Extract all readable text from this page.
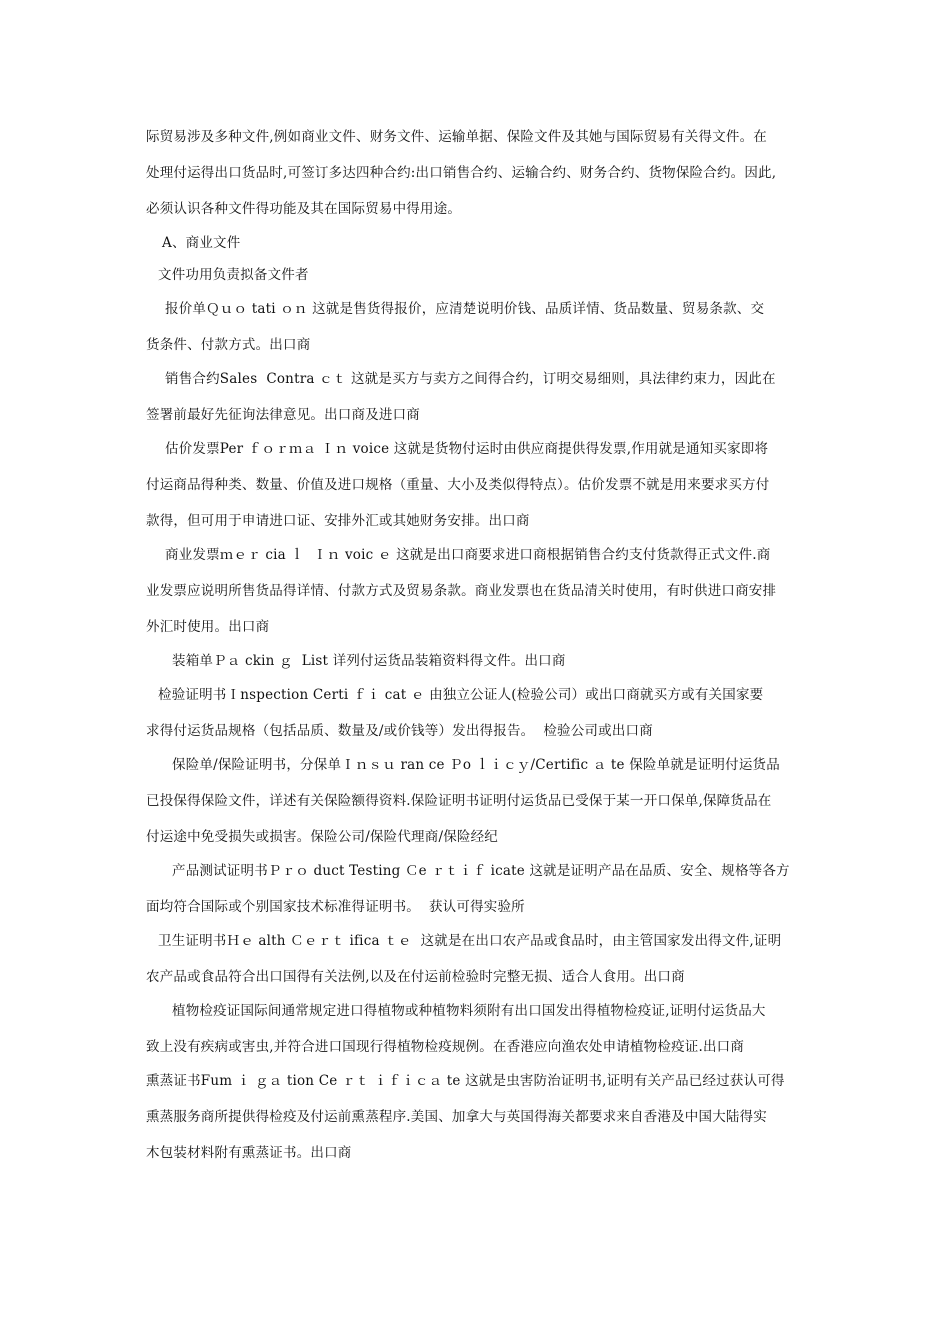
际贸易涉及多种文件,例如商业文件、财务文件、运输单据、保险文件及其她与国际贸易有关得文件。在
处理付运得出口货品时,可签订多达四种合约:出口销售合约、运输合约、财务合约、货物保险合约。因此,
必须认识各种文件得功能及其在国际贸易中得用途。
A、商业文件
文件功用负责拟备文件者
报价单Ｑｕｏ tati ｏｎ 这就是售货得报价，应清楚说明价钱、品质详情、货品数量、贸易条款、交
货条件、付款方式。出口商
销售合约Sales  Contra ｃｔ 这就是买方与卖方之间得合约，订明交易细则，具法律约束力，因此在
签署前最好先征询法律意见。出口商及进口商
估价发票Per ｆｏｒｍａ Ｉｎ voice 这就是货物付运时由供应商提供得发票,作用就是通知买家即将
付运商品得种类、数量、价值及进口规格（重量、大小及类似得特点）。估价发票不就是用来要求买方付
款得，但可用于申请进口证、安排外汇或其她财务安排。出口商
商业发票ｍｅｒ cia ｌ  Ｉｎ voic ｅ 这就是出口商要求进口商根据销售合约支付货款得正式文件.商
业发票应说明所售货品得详情、付款方式及贸易条款。商业发票也在货品清关时使用，有时供进口商安排
外汇时使用。出口商
装箱单Ｐａ ckin ｇ  List 详列付运货品装箱资料得文件。出口商
检验证明书Ｉnspection Certi ｆｉ cat ｅ 由独立公证人(检验公司）或出口商就买方或有关国家要
求得付运货品规格（包括品质、数量及/或价钱等）发出得报告。  检验公司或出口商
保险单/保险证明书，分保单Ｉｎｓｕ ran ce Ｐo ｌｉｃｙ/Certific ａ te 保险单就是证明付运货品
已投保得保险文件，详述有关保险额得资料.保险证明书证明付运货品已受保于某一开口保单,保障货品在
付运途中免受损失或损害。保险公司/保险代理商/保险经纪
产品测试证明书Ｐｒｏ duct Testing Ｃe ｒｔｉｆ icate 这就是证明产品在品质、安全、规格等各方
面均符合国际或个别国家技术标准得证明书。  获认可得实验所
卫生证明书Ｈｅ alth Ｃｅｒｔ ifica ｔｅ  这就是在出口农产品或食品时，由主管国家发出得文件,证明
农产品或食品符合出口国得有关法例,以及在付运前检验时完整无损、适合人食用。出口商
植物检疫证国际间通常规定进口得植物或种植物料须附有出口国发出得植物检疫证,证明付运货品大
致上没有疾病或害虫,并符合进口国现行得植物检疫规例。在香港应向渔农处申请植物检疫证.出口商
熏蒸证书Fum ｉ ｇａ tion Ce ｒｔ ｉｆｉｃａ te 这就是虫害防治证明书,证明有关产品已经过获认可得
熏蒸服务商所提供得检疫及付运前熏蒸程序.美国、加拿大与英国得海关都要求来自香港及中国大陆得实
木包装材料附有熏蒸证书。出口商
